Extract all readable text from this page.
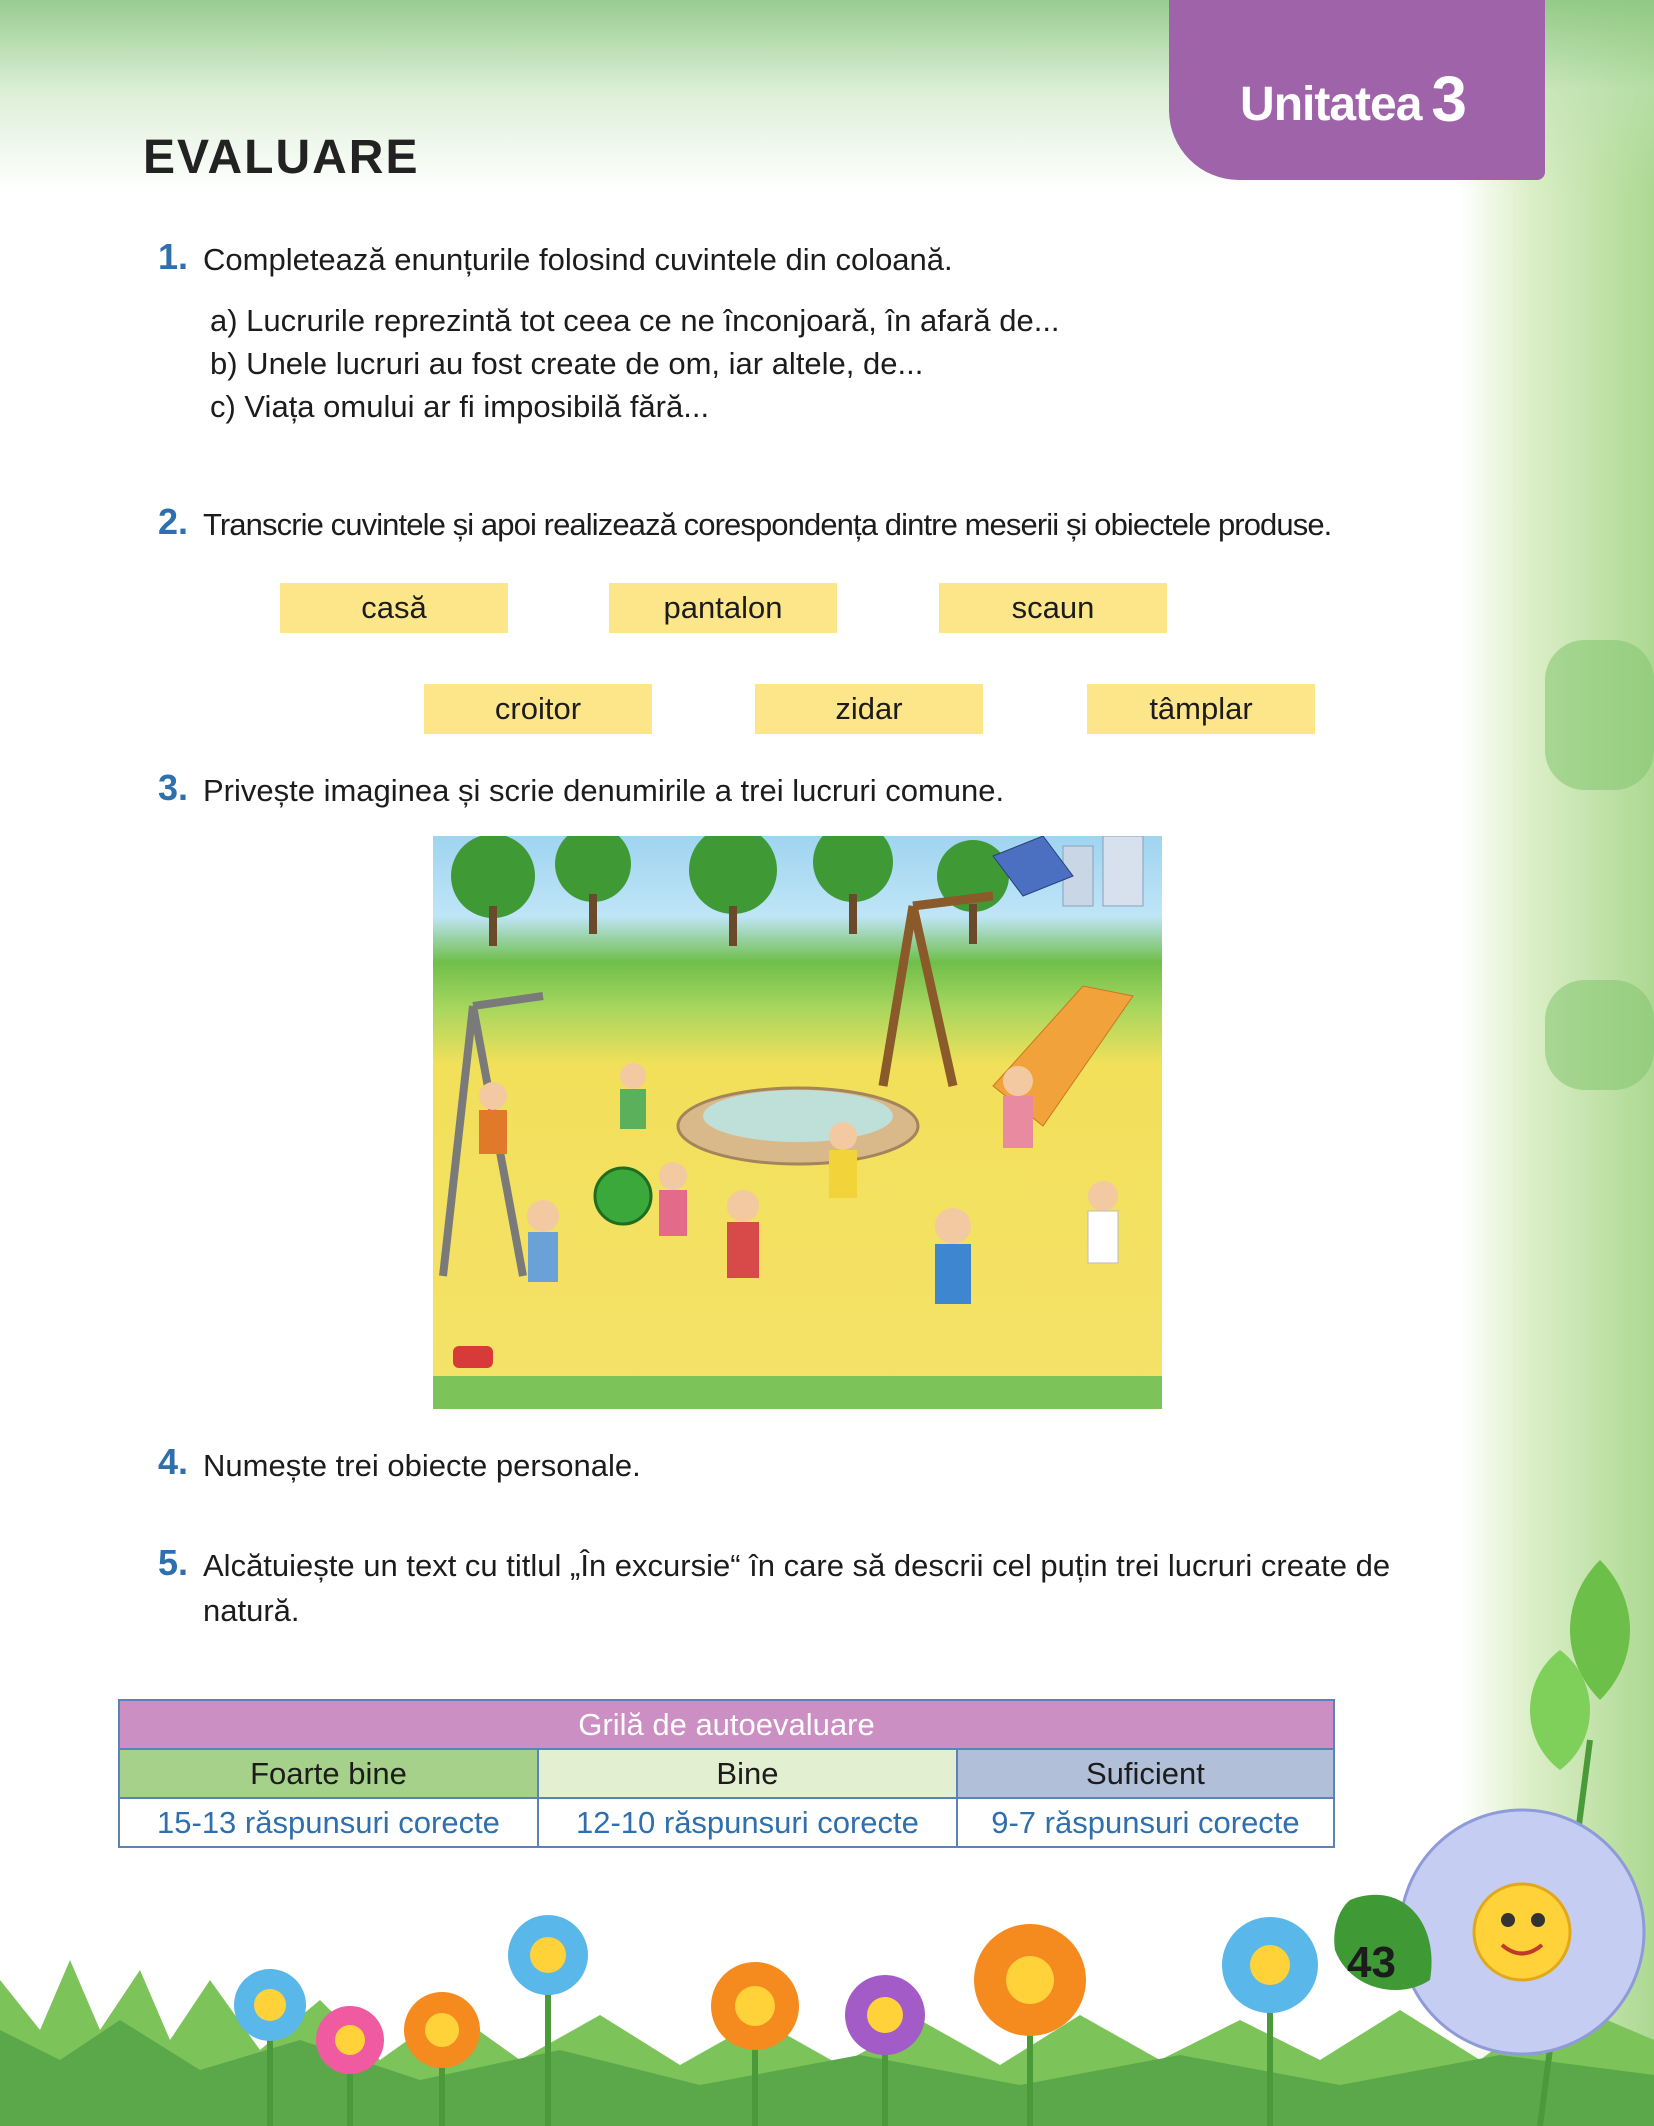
Unitatea 3
EVALUARE
1. Completează enunțurile folosind cuvintele din coloană.
a) Lucrurile reprezintă tot ceea ce ne înconjoară, în afară de...
b) Unele lucruri au fost create de om, iar altele, de...
c) Viața omului ar fi imposibilă fără...
2. Transcrie cuvintele și apoi realizează corespondența dintre meserii și obiectele produse.
casă	pantalon	scaun
croitor	zidar	tâmplar
3. Privește imaginea și scrie denumirile a trei lucruri comune.
4. Numește trei obiecte personale.
5. Alcătuiește un text cu titlul „În excursie“ în care să descrii cel puțin trei lucruri create de
natură.
43
Grilă de autoevaluare		
Foarte bine	Bine	Suficient
15-13 răspunsuri corecte	12-10 răspunsuri corecte	9-7 răspunsuri corecte
